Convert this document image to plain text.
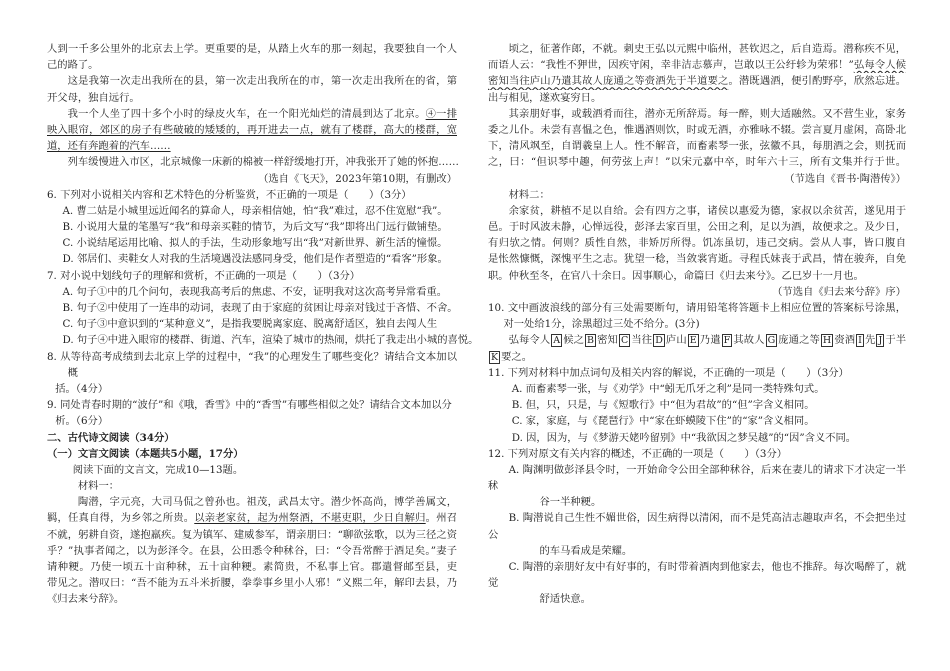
人到一千多公里外的北京去上学。更重要的是，从踏上火车的那一刻起，我要独自一个人
己的路了。
这是我第一次走出我所在的县，第一次走出我所在的市，第一次走出我所在的省，第
开父母，独自远行。
我一个人坐了四十多个小时的绿皮火车，在一个阳光灿烂的清晨到达了北京。④一排
映入眼帘，郊区的房子有些破破的矮矮的，再开进去一点，就有了楼群，高大的楼群，宽
道，还有奔跑着的汽车……
列车缓慢进入市区，北京城像一床新的棉被一样舒缓地打开，冲我张开了她的怀抱……
（选自《飞天》，2023年第10期，有删改）
6. 下列对小说相关内容和艺术特色的分析鉴赏，不正确的一项是（　　）（3分）
A. 曹二姑是小城里远近闻名的算命人，母亲相信她，怕“我”难过，忍不住宽慰“我”。
B. 小说用大量的笔墨写“我”和母亲买鞋的情节，为后文写“我”即将出门远行做铺垫。
C. 小说结尾运用比喻、拟人的手法，生动形象地写出“我”对新世界、新生活的憧憬。
D. 邻居们、卖鞋女人对我的生活境遇没法感同身受，他们是作者塑造的“看客”形象。
7. 对小说中划线句子的理解和赏析，不正确的一项是（　　）（3分）
A. 句子①中的几个问句，表现我高考后的焦虑、不安，证明我对这次高考异常看重。
B. 句子②中使用了一连串的动词，表现了由于家庭的贫困让母亲对钱过于吝惜、不舍。
C. 句子③中意识到的“某种意义”，是指我要脱离家庭、脱离舒适区，独自去闯人生
D. 句子④中进入眼帘的楼群、街道、汽车，渲染了城市的热闹，烘托了我走出小城的喜悦。
8. 从等待高考成绩到去北京上学的过程中，“我”的心理发生了哪些变化？请结合文本加以
概
括。（4分）
9. 同处青春时期的“波仔”和《哦，香雪》中的“香雪”有哪些相似之处？请结合文本加以分
析。（6分）
二、古代诗文阅读（34分）
（一）文言文阅读（本题共5小题，17分）
阅读下面的文言文，完成10—13题。
材料一：
陶潜，字元亮，大司马侃之曾孙也。祖茂，武昌太守。潜少怀高尚，博学善属文，
羁，任真自得，为乡邻之所贵。以亲老家贫，起为州祭酒，不堪吏职，少日自解归。州召
不就，躬耕自资，遂抱羸疾。复为镇军、建威参军，谓亲朋曰：“聊欲弦歌，以为三径之资
乎？”执事者闻之，以为彭泽令。在县，公田悉令种秫谷，曰：“令吾常醉于酒足矣。”妻子
请种粳。乃使一顷五十亩种秫，五十亩种粳。素简贵，不私事上官。郡遣督邮至县，吏
带见之。潜叹曰：“吾不能为五斗米折腰，拳拳事乡里小人邪！”义熙二年，解印去县，乃
《归去来兮辞》。
顷之，征著作郎，不就。刺史王弘以元熙中临州，甚钦迟之，后自造焉。潜称疾不见，
而语人云：“我性不狎世，因疾守闲，幸非洁志慕声，岂敢以王公纡轸为荣邪！”弘每令人候
密知当往庐山乃遣其故人庞通之等赍酒先于半道要之。潜既遇酒，便引酌野亭，欣然忘进。
出与相见，遂欢宴穷日。
其亲朋好事，或载酒肴而往，潜亦无所辞焉。每一醉，则大适融然。又不营生业，家务
委之儿仆。未尝有喜愠之色，惟遇酒则饮，时或无酒，亦雅咏不辍。尝言夏月虚闲，高卧北
下，清风飒至，自谓羲皇上人。性不解音，而畜素琴一张，弦徽不具，每朋酒之会，则抚而
之，曰：“但识琴中趣，何劳弦上声！”以宋元嘉中卒，时年六十三，所有文集并行于世。
（节选自《晋书·陶潜传》）
材料二：
余家贫，耕植不足以自给。会有四方之事，诸侯以惠爱为德，家叔以余贫苦，遂见用于
邑。于时风波未静，心惮远役，彭泽去家百里，公田之利，足以为酒，故便求之。及少日，
有归欤之情。何则？质性自然，非矫厉所得。饥冻虽切，违己交病。尝从人事，皆口腹自
是怅然慷慨，深愧平生之志。犹望一稔，当敛裳宵逝。寻程氏妹丧于武昌，情在骏奔，自免
职。仲秋至冬，在官八十余日。因事顺心，命篇曰《归去来兮》。乙巳岁十一月也。
（节选自《归去来兮辞》序）
10. 文中画波浪线的部分有三处需要断句，请用铅笔将答题卡上相应位置的答案标号涂黑，
对一处给1分，涂黑超过三处不给分。(3分)
弘每令人 A 候之 B 密知 C 当往 D 庐山 E 乃遣 F 其故人 G 庞通之等 H 赍酒 I 先 J 于半
K 要之。
11. 下列对材料中加点词句及相关内容的解说，不正确的一项是（　　）（3分）
A. 而畜素琴一张，与《劝学》中“蚓无爪牙之利”是同一类特殊句式。
B. 但，只，只是，与《短歌行》中“但为君故”的“但”字含义相同。
C. 家，家庭，与《琵琶行》中“家在虾蟆陵下住”的“家”含义相同。
D. 因，因为，与《梦游天姥吟留别》中“我欲因之梦吴越”的“因”含义不同。
12. 下列对原文有关内容的概述，不正确的一项是（　　）（3分）
A. 陶渊明做彭泽县令时，一开始命令公田全部种秫谷，后来在妻儿的请求下才决定一半
秫
谷一半种粳。
B. 陶潜说自己生性不媚世俗，因生病得以清闲，而不是凭高洁志趣取声名，不会把坐过
公
的车马看成是荣耀。
C. 陶潜的亲朋好友中有好事的，有时带着酒肉到他家去，他也不推辞。每次喝醉了，就
觉
舒适快意。
